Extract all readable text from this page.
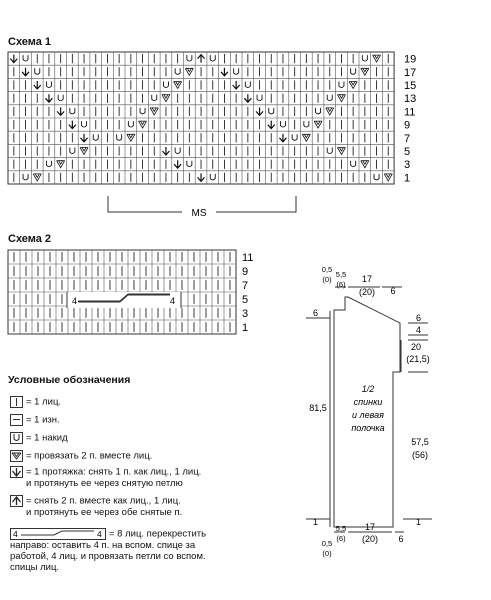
Схема 1
19
17
15
13
11
9
7
5
3
1
MS
Схема 2
11
9
7
5
3
1
4	4
Условные обозначения
= 1 лиц.
= 1 изн.
= 1 накид
= провязать 2 п. вместе лиц.
= 1 протяжка: снять 1 п. как лиц., 1 лиц.
и протянуть ее через снятую петлю
= снять 2 п. вместе как лиц., 1 лиц.
и протянуть ее через обе снятые п.
4	4 = 8 лиц. перекрестить
направо: оставить 4 п. на вспом. спице за
работой, 4 лиц. и провязать петли со вспом.
спицы лиц.
1/2
спинки
и левая
полочка
0,5
(0)
5,5
(6)
17
(20) 6
6
81,5
1
6
4
20
(21,5)
57,5
(56)
1
0,5
(0)
5,5
(6)
17
(20) 6
